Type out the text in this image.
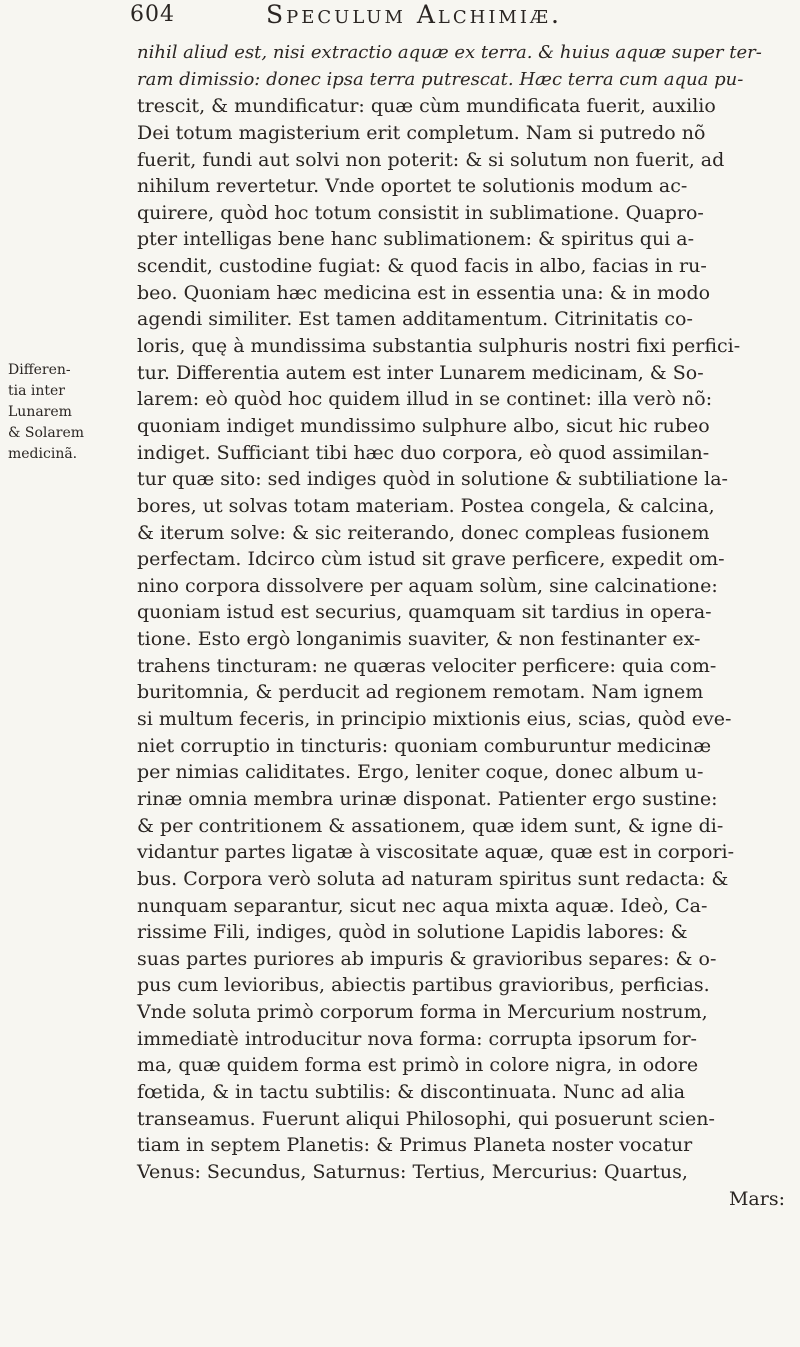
604	Speculum Alchimiæ.
Differen-
tia inter
Lunarem
& Solarem
medicinã.
nihil aliud est, nisi extractio aquæ ex terra. & huius aquæ super ter-
ram dimissio: donec ipsa terra putrescat. Hæc terra cum aqua pu-
trescit, & mundificatur: quæ cùm mundificata fuerit, auxilio
Dei totum magisterium erit completum. Nam si putredo nõ
fuerit, fundi aut solvi non poterit: & si solutum non fuerit, ad
nihilum revertetur. Vnde oportet te solutionis modum ac-
quirere, quòd hoc totum consistit in sublimatione. Quapro-
pter intelligas bene hanc sublimationem: & spiritus qui a-
scendit, custodine fugiat: & quod facis in albo, facias in ru-
beo. Quoniam hæc medicina est in essentia una: & in modo
agendi similiter. Est tamen additamentum. Citrinitatis co-
loris, quę à mundissima substantia sulphuris nostri fixi perfici-
tur. Differentia autem est inter Lunarem medicinam, & So-
larem: eò quòd hoc quidem illud in se continet: illa verò nõ:
quoniam indiget mundissimo sulphure albo, sicut hic rubeo
indiget. Sufficiant tibi hæc duo corpora, eò quod assimilan-
tur quæ sito: sed indiges quòd in solutione & subtiliatione la-
bores, ut solvas totam materiam. Postea congela, & calcina,
& iterum solve: & sic reiterando, donec compleas fusionem
perfectam. Idcirco cùm istud sit grave perficere, expedit om-
nino corpora dissolvere per aquam solùm, sine calcinatione:
quoniam istud est securius, quamquam sit tardius in opera-
tione. Esto ergò longanimis suaviter, & non festinanter ex-
trahens tincturam: ne quæras velociter perficere: quia com-
buritomnia, & perducit ad regionem remotam. Nam ignem
si multum feceris, in principio mixtionis eius, scias, quòd eve-
niet corruptio in tincturis: quoniam comburuntur medicinæ
per nimias caliditates. Ergo, leniter coque, donec album u-
rinæ omnia membra urinæ disponat. Patienter ergo sustine:
& per contritionem & assationem, quæ idem sunt, & igne di-
vidantur partes ligatæ à viscositate aquæ, quæ est in corpori-
bus. Corpora verò soluta ad naturam spiritus sunt redacta: &
nunquam separantur, sicut nec aqua mixta aquæ. Ideò, Ca-
rissime Fili, indiges, quòd in solutione Lapidis labores: &
suas partes puriores ab impuris & gravioribus separes: & o-
pus cum levioribus, abiectis partibus gravioribus, perficias.
Vnde soluta primò corporum forma in Mercurium nostrum,
immediatè introducitur nova forma: corrupta ipsorum for-
ma, quæ quidem forma est primò in colore nigra, in odore
fœtida, & in tactu subtilis: & discontinuata. Nunc ad alia
transeamus. Fuerunt aliqui Philosophi, qui posuerunt scien-
tiam in septem Planetis: & Primus Planeta noster vocatur
Venus: Secundus, Saturnus: Tertius, Mercurius: Quartus,
Mars:
